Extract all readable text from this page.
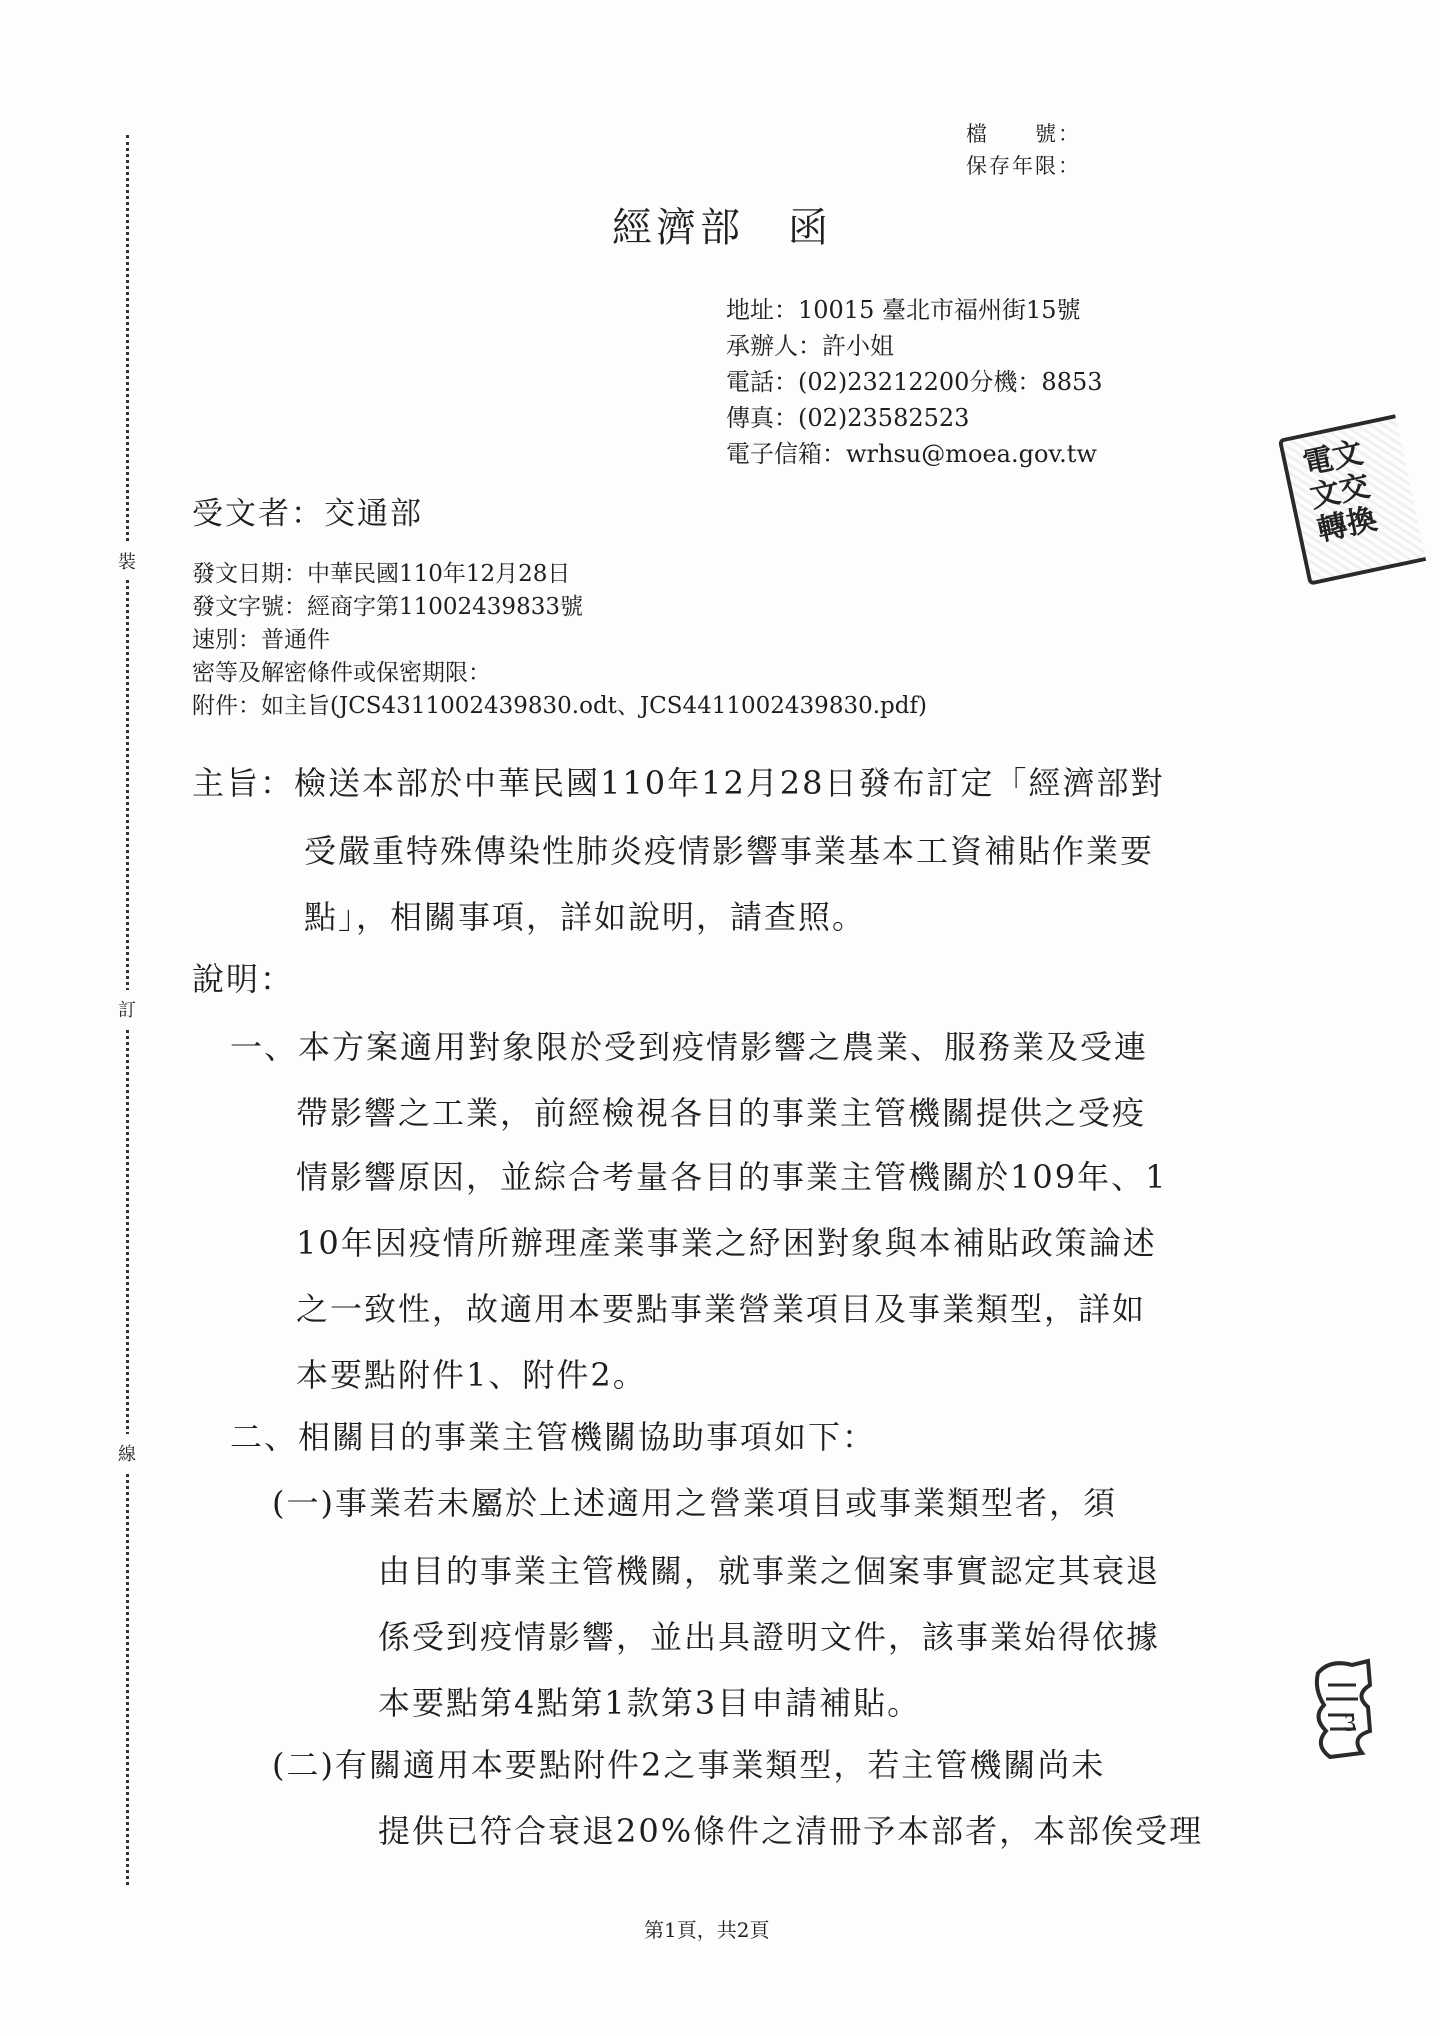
裝
訂
線
檔　　號：
保存年限：
經濟部　函
地址：10015 臺北市福州街15號
承辦人：許小姐
電話：(02)23212200分機：8853
傳真：(02)23582523
電子信箱：wrhsu@moea.gov.tw	電文
文交
轉換
受文者：交通部
發文日期：中華民國110年12月28日
發文字號：經商字第11002439833號
速別：普通件
密等及解密條件或保密期限：
附件：如主旨(JCS4311002439830.odt、JCS4411002439830.pdf)
主旨：檢送本部於中華民國110年12月28日發布訂定「經濟部對
受嚴重特殊傳染性肺炎疫情影響事業基本工資補貼作業要
點」，相關事項，詳如說明，請查照。
說明：
一、本方案適用對象限於受到疫情影響之農業、服務業及受連
帶影響之工業，前經檢視各目的事業主管機關提供之受疫
情影響原因，並綜合考量各目的事業主管機關於109年、1
10年因疫情所辦理產業事業之紓困對象與本補貼政策論述
之一致性，故適用本要點事業營業項目及事業類型，詳如
本要點附件1、附件2。
二、相關目的事業主管機關協助事項如下：
(一)事業若未屬於上述適用之營業項目或事業類型者，須
由目的事業主管機關，就事業之個案事實認定其衰退
係受到疫情影響，並出具證明文件，該事業始得依據
本要點第4點第1款第3目申請補貼。
(二)有關適用本要點附件2之事業類型，若主管機關尚未
提供已符合衰退20%條件之清冊予本部者，本部俟受理
3
第1頁，共2頁
